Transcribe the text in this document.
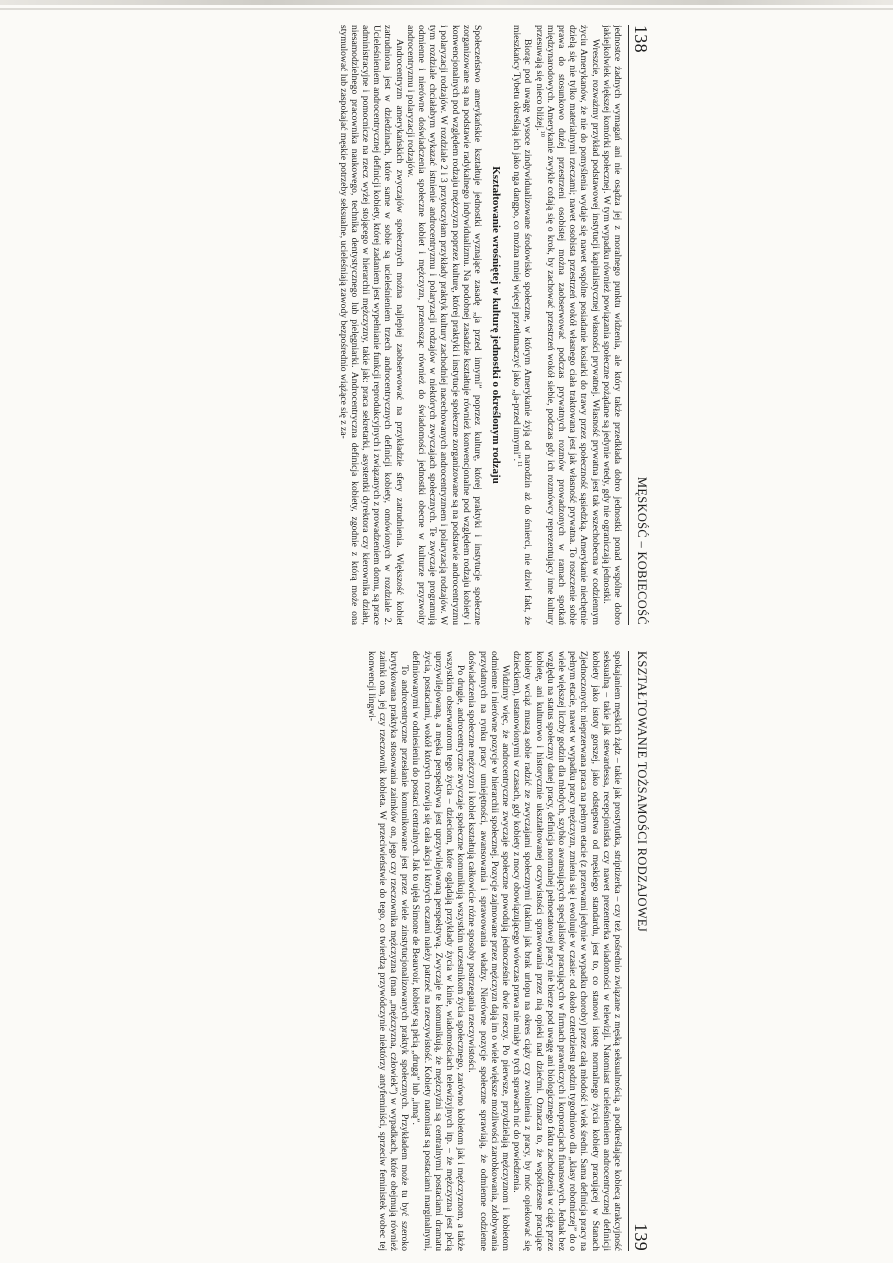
138
MĘSKOŚĆ – KOBIECOŚĆ

jednostce żadnych wymagań ani nie osądza jej z moralnego punktu widzenia, ale który także przedkłada dobro jednostki ponad wspólne dobro jakiejkolwiek większej komórki społecznej. W tym wypadku również powiązania społeczne pożądane są jedynie wtedy, gdy nie ograniczają jednostki.

Wreszcie, rozważmy przykład podstawowej instytucji kapitalistycznej własności prywatnej. Własność prywatna jest tak wszechobecna w codziennym życiu Amerykanów, że nie do pomyślenia wydaje się nawet wspólne posiadanie kosiarki do trawy przez społeczność sąsiedzką. Amerykanie niechętnie dzielą się nie tylko materialnymi rzeczami; nawet osobista przestrzeń wokół własnego ciała traktowana jest jak własność prywatna. To roszczenie sobie prawa do stosunkowo dużej przestrzeni osobistej można zaobserwować podczas prywatnych rozmów prowadzonych w ramach spotkań międzynarodowych. Amerykanie zwykle cofają się o krok, by zachować przestrzeń wokół siebie, podczas gdy ich rozmówcy reprezentujący inne kultury przesuwają się nieco bliżej.$^{10}$

Biorąc pod uwagę wysoce zindywidualizowane środowisko społeczne, w którym Amerykanie żyją od narodzin aż do śmierci, nie dziwi fakt, że mieszkańcy Tybetu określają ich jako nga dangpo, co można mniej więcej przetłumaczyć jako „ja-przed innymi”.$^{11}$

Kształtowanie wrośniętej w kulturę jednostki o określonym rodzaju

Społeczeństwo amerykańskie kształtuje jednostki wyznające zasadę „ja przed innymi” poprzez kulturę, której praktyki i instytucje społeczne zorganizowane są na podstawie radykalnego indywidualizmu. Na podobnej zasadzie kształtuje również konwencjonalne pod względem rodzaju kobiety i konwencjonalnych pod względem rodzaju mężczyzn poprzez kulturę, której praktyki i instytucje społeczne zorganizowane są na podstawie androcentryzmu i polaryzacji rodzajów. W rozdziale 2 i 3 przytoczyłam przykłady praktyk kultury zachodniej nacechowanych androcentryzmem i polaryzacją rodzajów. W tym rozdziale chciałabym wykazać istnienie androcentryzmu i polaryzacji rodzajów w niektórych zwyczajach społecznych. Te zwyczaje programują odmienne i nierówne doświadczenia społeczne kobiet i mężczyzn, przenosząc również do świadomości jednostki obecne w kulturze przyzwoity androcentryzmu i polaryzacji rodzajów.

Androcentryzm amerykańskich zwyczajów społecznych można najlepiej zaobserwować na przykładzie sfery zatrudnienia. Większość kobiet zatrudniona jest w dziedzinach, które same w sobie są ucieleśnieniem trzech androcentrycznych definicji kobiety, omówionych w rozdziale 2. Ucieleśnieniem androcentrycznej definicji kobiety, której zadaniem jest wypełnianie funkcji reprodukcyjnych i związanych z prowadzeniem domu, są prace administracyjne i pomocnicze na rzecz wyżej stojącego w hierarchii mężczyzny, takie jak: praca sekretarki, asystentki dyrektora czy kierownika działu, niesamodzielnego pracownika naukowego, technika dentystycznego lub pielęgniarki. Androcentryczna definicja kobiety, zgodnie z którą może ona stymulować lub zaspokajać męskie potrzeby seksualne, ucieleśniają zawody bezpośrednio wiążące się z za-

KSZTAŁTOWANIE TOŻSAMOŚCI RODZAJOWEJ
139

spokajaniem męskich żądz – takie jak prostytutka, striptizerka – czy też pośrednio związane z męską seksualnością, a podkreślające kobiecą atrakcyjność seksualną – takie jak stewardessa, recepcjonistka czy nawet prezenterka wiadomości w telewizji. Natomiast ucieleśnieniem androcentrycznej definicji kobiety jako istoty gorszej, jako odstępstwa od męskiego standardu, jest to, co stanowi istotę normalnego życia kobiety pracującej w Stanach Zjednoczonych: nieprzerwana praca na pełnym etacie (z przerwami jedynie w wypadku choroby) przez całą młodość i wiek średni. Sama definicja pracy na pełnym etacie, nawet w wypadku pracy mężczyzn, zmienia się i ewoluuje w czasie: od około czterdziestu godzin tygodniowo dla „klasy robotniczej” do o wiele większej liczby godzin dla młodych, szybko awansujących specjalistów pracujących w firmach prawniczych i korporacjach finansowych. Jednak bez względu na status społeczny danej pracy, definicja normalnej pełnoetatowej pracy nie bierze pod uwagę ani biologicznego faktu zachodzenia w ciążę przez kobietę, ani kulturowo i historycznie ukształtowanej oczywistości sprawowania przez nią opieki nad dziećmi. Oznacza to, że współczesne pracujące kobiety wciąż muszą sobie radzić ze zwyczajami społecznymi (takimi jak brak urlopu na okres ciąży czy zwolnienia z pracy, by móc opiekować się dzieckiem), ustanowionymi w czasach, gdy kobiety z mocy obowiązującego wówczas prawa nie miały w tych sprawach nic do powiedzenia.

Widzimy więc, że androcentryczne zwyczaje społeczne powodują jednocześnie dwie rzeczy. Po pierwsze, przydzielają mężczyznom i kobietom odmienne i nierówne pozycje w hierarchii społecznej. Pozycje zajmowane przez mężczyzn dają im o wiele większe możliwości zarobkowania, zdobywania przydatnych na rynku pracy umiejętności, awansowania i sprawowania władzy. Nierówne pozycje społeczne sprawiają, że odmienne codzienne doświadczenia społeczne mężczyzn i kobiet kształtują całkowicie różne sposoby postrzegania rzeczywistości.

Po drugie, androcentryczne zwyczaje społeczne komunikują wszystkim uczestnikom życia społecznego, zarówno kobietom jak i mężczyznom, a także wszystkim obserwatorom tego życia – dzieciom, które oglądają przykłady życia w kinie, wiadomościach telewizyjnych itp. – że mężczyzna jest płcią uprzywilejowaną, a męska perspektywa jest uprzywilejowaną perspektywą. Zwyczaje te komunikują, że mężczyźni są centralnymi postaciami dramatu życia, postaciami, wokół których rozwija się cała akcja i których oczami należy patrzeć na rzeczywistość. Kobiety natomiast są postaciami marginalnymi, definiowanymi w odniesieniu do postaci centralnych. Jak to ujęła Simone de Beauvoir, kobiety są płcią „drugą” lub „inną”.

To androcentryczne przesłanie komunikowane jest przez wiele zinstytucjonalizowanych praktyk społecznych. Przykładem może tu być szeroko krytykowana praktyka stosowania zaimków on, jego czy rzeczownika mężczyzna (man „mężczyzna, człowiek”) w wypadkach, które obejmują również zaimki ona, jej czy rzeczownik kobieta. W przeciwieństwie do tego, co twierdzą przywódczynie niektórzy antyfeminiści, sprzeciw feministek wobec tej konwencji lingwi-
